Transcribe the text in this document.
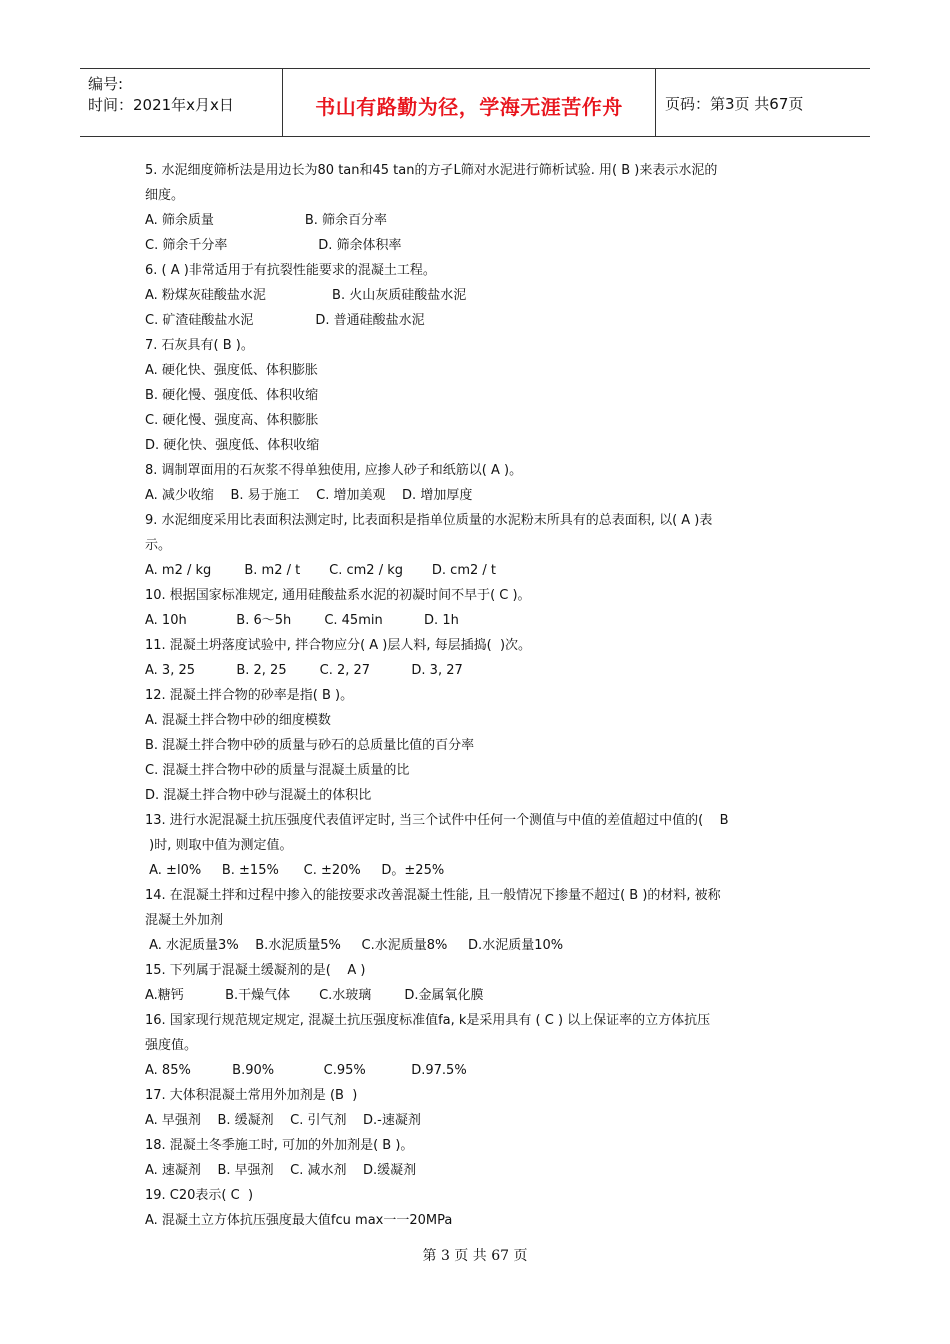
编号:
时间：2021年x月x日	书山有路勤为径，学海无涯苦作舟	页码：第3页 共67页
5. 水泥细度筛析法是用边长为80 tan和45 tan的方孑L筛对水泥进行筛析试验. 用( B )来表示水泥的
细度。
A. 筛余质量                      B. 筛余百分率
C. 筛余千分率                      D. 筛余体积率
6. ( A )非常适用于有抗裂性能要求的混凝土工程。
A. 粉煤灰硅酸盐水泥                B. 火山灰质硅酸盐水泥
C. 矿渣硅酸盐水泥               D. 普通硅酸盐水泥
7. 石灰具有( B )。
A. 硬化快、强度低、体积膨胀
B. 硬化慢、强度低、体积收缩
C. 硬化慢、强度高、体积膨胀
D. 硬化快、强度低、体积收缩
8. 调制罩面用的石灰浆不得单独使用, 应掺人砂子和纸筋以( A )。
A. 减少收缩    B. 易于施工    C. 增加美观    D. 增加厚度
9. 水泥细度采用比表面积法测定时, 比表面积是指单位质量的水泥粉末所具有的总表面积, 以( A )表
示。
A. m2 / kg        B. m2 / t       C. cm2 / kg       D. cm2 / t
10. 根据国家标准规定, 通用硅酸盐系水泥的初凝时间不早于( C )。
A. 10h            B. 6～5h        C. 45min          D. 1h
11. 混凝土坍落度试验中, 拌合物应分( A )层人料, 每层插捣(  )次。
A. 3, 25          B. 2, 25        C. 2, 27          D. 3, 27
12. 混凝土拌合物的砂率是指( B )。
A. 混凝土拌合物中砂的细度模数
B. 混凝土拌合物中砂的质量与砂石的总质量比值的百分率
C. 混凝土拌合物中砂的质量与混凝土质量的比
D. 混凝土拌合物中砂与混凝土的体积比
13. 进行水泥混凝土抗压强度代表值评定时, 当三个试件中任何一个测值与中值的差值超过中值的(    B
)时, 则取中值为测定值。
A. ±l0%     B. ±15%      C. ±20%     D。±25%
14. 在混凝土拌和过程中掺入的能按要求改善混凝土性能, 且一般情况下掺量不超过( B )的材料, 被称
混凝土外加剂
A. 水泥质量3%    B.水泥质量5%     C.水泥质量8%     D.水泥质量10%
15. 下列属于混凝土缓凝剂的是(    A )
A.糖钙          B.干燥气体       C.水玻璃        D.金属氧化膜
16. 国家现行规范规定规定, 混凝土抗压强度标准值fa, k是采用具有 ( C ) 以上保证率的立方体抗压
强度值。
A. 85%          B.90%            C.95%           D.97.5%
17. 大体积混凝土常用外加剂是 (B  )
A. 早强剂    B. 缓凝剂    C. 引气剂    D.-速凝剂
18. 混凝土冬季施工时, 可加的外加剂是( B )。
A. 速凝剂    B. 早强剂    C. 减水剂    D.缓凝剂
19. C20表示( C  )
A. 混凝土立方体抗压强度最大值fcu max一一20MPa
第 3 页 共 67 页
